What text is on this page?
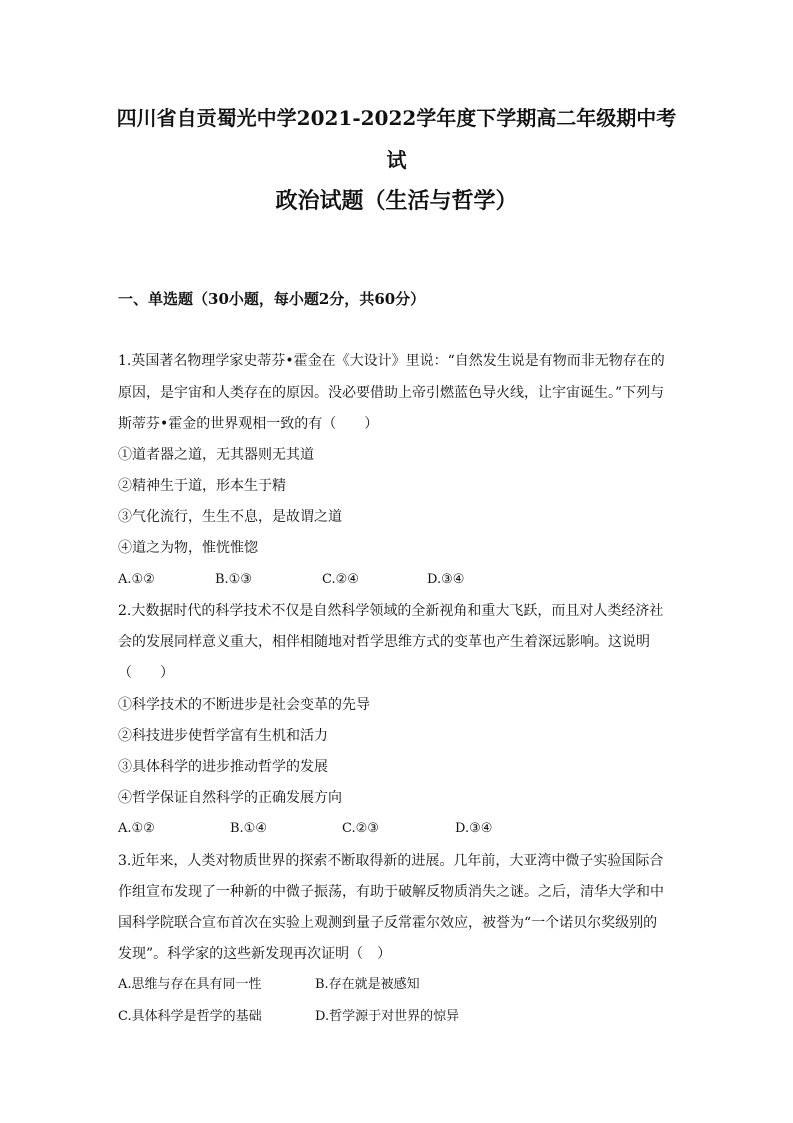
四川省自贡蜀光中学2021-2022学年度下学期高二年级期中考
试
政治试题（生活与哲学）
一、单选题（30小题，每小题2分，共60分）
1.英国著名物理学家史蒂芬•霍金在《大设计》里说：“自然发生说是有物而非无物存在的
原因，是宇宙和人类存在的原因。没必要借助上帝引燃蓝色导火线，让宇宙诞生。”下列与
斯蒂芬•霍金的世界观相一致的有（　　）
①道者器之道，无其器则无其道
②精神生于道，形本生于精
③气化流行，生生不息，是故谓之道
④道之为物，惟恍惟惚
A.①②	B.①③	C.②④	D.③④
2.大数据时代的科学技术不仅是自然科学领域的全新视角和重大飞跃，而且对人类经济社
会的发展同样意义重大，相伴相随地对哲学思维方式的变革也产生着深远影响。这说明
（　　）
①科学技术的不断进步是社会变革的先导
②科技进步使哲学富有生机和活力
③具体科学的进步推动哲学的发展
④哲学保证自然科学的正确发展方向
A.①②	B.①④	C.②③	D.③④
3.近年来，人类对物质世界的探索不断取得新的进展。几年前，大亚湾中微子实验国际合
作组宣布发现了一种新的中微子振荡，有助于破解反物质消失之谜。之后，清华大学和中
国科学院联合宣布首次在实验上观测到量子反常霍尔效应，被誉为“一个诺贝尔奖级别的
发现”。科学家的这些新发现再次证明（　）
A.思维与存在具有同一性	B.存在就是被感知
C.具体科学是哲学的基础	D.哲学源于对世界的惊异
